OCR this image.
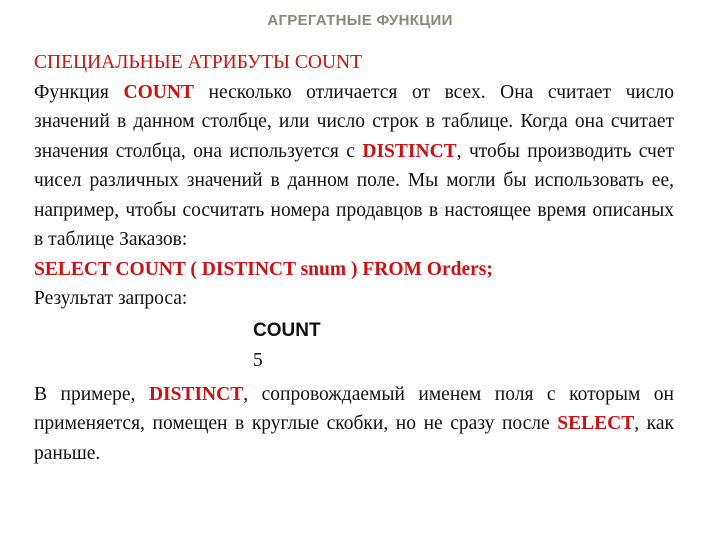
АГРЕГАТНЫЕ ФУНКЦИИ

СПЕЦИАЛЬНЫЕ АТРИБУТЫ COUNT

Функция COUNT несколько отличается от всех. Она считает число значений в данном столбце, или число строк в таблице. Когда она считает значения столбца, она используется с DISTINCT, чтобы производить счет чисел различных значений в данном поле. Мы могли бы использовать ее, например, чтобы сосчитать номера продавцов в настоящее время описаных в таблице Заказов:

SELECT COUNT ( DISTINCT snum ) FROM Orders;

Результат запроса:

COUNT
5

В примере, DISTINCT, сопровождаемый именем поля с которым он применяется, помещен в круглые скобки, но не сразу после SELECT, как раньше.
